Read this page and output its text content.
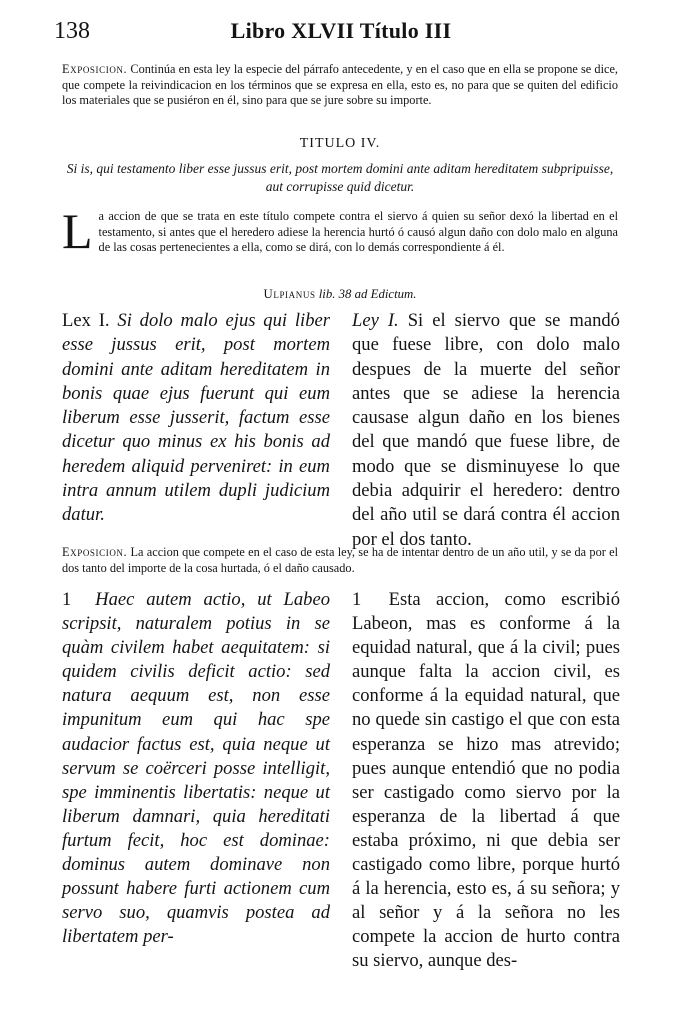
138	Libro XLVII Título III
Exposicion. Continúa en esta ley la especie del párrafo antecedente, y en el caso que en ella se propone se dice, que compete la reivindicacion en los términos que se expresa en ella, esto es, no para que se quiten del edificio los materiales que se pusiéron en él, sino para que se jure sobre su importe.
TITULO IV.
Si is, qui testamento liber esse jussus erit, post mortem domini ante aditam hereditatem subpripuisse, aut corrupisse quid dicetur.
L a accion de que se trata en este título compete contra el siervo á quien su señor dexó la libertad en el testamento, si antes que el heredero adiese la herencia hurtó ó causó algun daño con dolo malo en alguna de las cosas pertenecientes a ella, como se dirá, con lo demás correspondiente á él.
Ulpianus lib. 38 ad Edictum.
Lex I. Si dolo malo ejus qui liber esse jussus erit, post mortem domini ante aditam hereditatem in bonis quae ejus fuerunt qui eum liberum esse jusserit, factum esse dicetur quo minus ex his bonis ad heredem aliquid perveniret: in eum intra annum utilem dupli judicium datur.
Ley I. Si el siervo que se mandó que fuese libre, con dolo malo despues de la muerte del señor antes que se adiese la herencia causase algun daño en los bienes del que mandó que fuese libre, de modo que se disminuyese lo que debia adquirir el heredero: dentro del año util se dará contra él accion por el dos tanto.
Exposicion. La accion que compete en el caso de esta ley, se ha de intentar dentro de un año util, y se da por el dos tanto del importe de la cosa hurtada, ó el daño causado.
1 Haec autem actio, ut Labeo scripsit, naturalem potius in se quàm civilem habet aequitatem: si quidem civilis deficit actio: sed natura aequum est, non esse impunitum eum qui hac spe audacior factus est, quia neque ut servum se coërceri posse intelligit, spe imminentis libertatis: neque ut liberum damnari, quia hereditati furtum fecit, hoc est dominae: dominus autem dominave non possunt habere furti actionem cum servo suo, quamvis postea ad libertatem per-
1 Esta accion, como escribió Labeon, mas es conforme á la equidad natural, que á la civil; pues aunque falta la accion civil, es conforme á la equidad natural, que no quede sin castigo el que con esta esperanza se hizo mas atrevido; pues aunque entendió que no podia ser castigado como siervo por la esperanza de la libertad á que estaba próximo, ni que debia ser castigado como libre, porque hurtó á la herencia, esto es, á su señora; y al señor y á la señora no les compete la accion de hurto contra su siervo, aunque des-
